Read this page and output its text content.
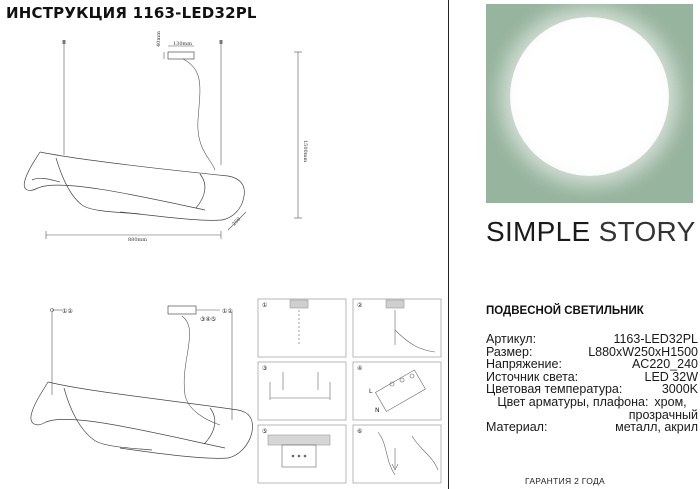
ИНСТРУКЦИЯ 1163-LED32PL
40mm 130mm
1500mm
880mm
250
①②
③④⑤
①②
①	②
③	④
⑤	⑥
L
N
SIMPLE STORY
ПОДВЕСНОЙ СВЕТИЛЬНИК
Артикул:	1163-LED32PL
Размер:	L880xW250xH1500
Напряжение:	AC220_240
Источник света:	LED 32W
Цветовая температура:	3000K
Цвет арматуры, плафона: хром,
прозрачный
Материал:	металл, акрил
ГАРАНТИЯ 2 ГОДА
